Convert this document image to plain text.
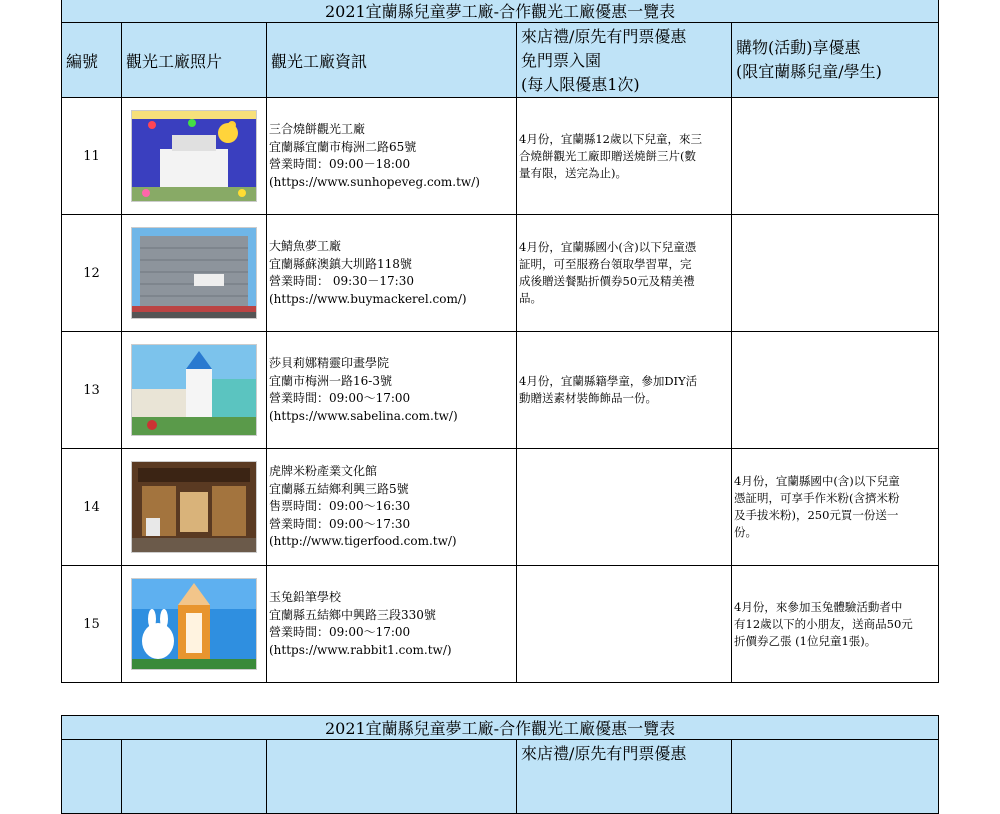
2021宜蘭縣兒童夢工廠-合作觀光工廠優惠一覽表				
編號	觀光工廠照片	觀光工廠資訊	來店禮/原先有門票優惠
免門票入園
(每人限優惠1次)	購物(活動)享優惠
(限宜蘭縣兒童/學生)

11		三合燒餅觀光工廠
宜蘭縣宜蘭市梅洲二路65號
營業時間：09:00－18:00
(https://www.sunhopeveg.com.tw/)	4月份，宜蘭縣12歲以下兒童，來三
合燒餅觀光工廠即贈送燒餅三片(數
量有限，送完為止)。	

12		大鯖魚夢工廠
宜蘭縣蘇澳鎮大圳路118號
營業時間： 09:30－17:30
(https://www.buymackerel.com/)	4月份，宜蘭縣國小(含)以下兒童憑
証明，可至服務台領取學習單，完
成後贈送餐點折價券50元及精美禮
品。	

13		莎貝莉娜精靈印畫學院
宜蘭市梅洲一路16-3號
營業時間：09:00～17:00
(https://www.sabelina.com.tw/)	4月份，宜蘭縣籍學童，參加DIY活
動贈送素材裝飾飾品一份。	

14		虎牌米粉產業文化館
宜蘭縣五結鄉利興三路5號
售票時間：09:00～16:30
營業時間：09:00～17:30
(http://www.tigerfood.com.tw/)		4月份，宜蘭縣國中(含)以下兒童
憑証明，可享手作米粉(含擠米粉
及手拔米粉)，250元買一份送一
份。

15		玉兔鉛筆學校
宜蘭縣五結鄉中興路三段330號
營業時間：09:00～17:00
(https://www.rabbit1.com.tw/)		4月份，來參加玉兔體驗活動者中
有12歲以下的小朋友，送商品50元
折價券乙張 (1位兒童1張)。
2021宜蘭縣兒童夢工廠-合作觀光工廠優惠一覽表

來店禮/原先有門票優惠
